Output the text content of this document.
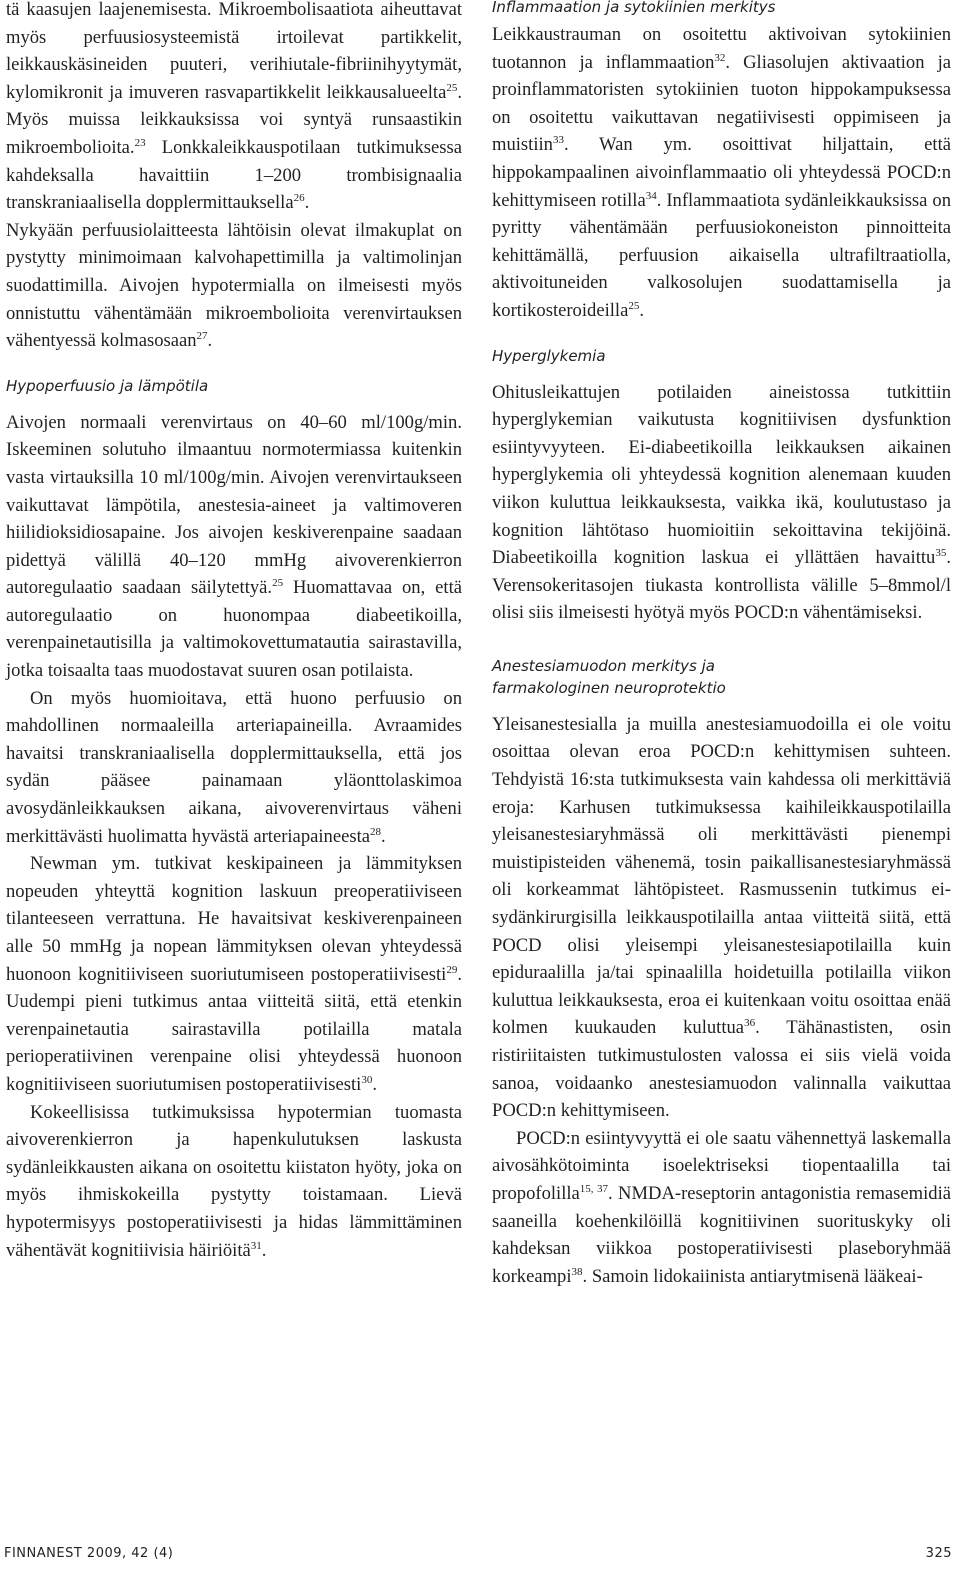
tä kaasujen laajenemisesta. Mikroembolisaatiota aiheuttavat myös perfuusiosysteemistä irtoilevat partikkelit, leikkauskäsineiden puuteri, verihiutale-fibriinihyytymät, kylomikronit ja imuveren rasvapartikkelit leikkausalueelta$^{25}$. Myös muissa leikkauksissa voi syntyä runsaastikin mikroembolioita.$^{23}$ Lonkkaleikkauspotilaan tutkimuksessa kahdeksalla havaittiin 1–200 trombisignaalia transkraniaalisella dopplermittauksella$^{26}$.

Nykyään perfuusiolaitteesta lähtöisin olevat ilmakuplat on pystytty minimoimaan kalvohapettimilla ja valtimolinjan suodattimilla. Aivojen hypotermialla on ilmeisesti myös onnistuttu vähentämään mikroembolioita verenvirtauksen vähentyessä kolmasosaan$^{27}$.

Hypoperfuusio ja lämpötila

Aivojen normaali verenvirtaus on 40–60 ml/100g/min. Iskeeminen solutuho ilmaantuu normotermiassa kuitenkin vasta virtauksilla 10 ml/100g/min. Aivojen verenvirtaukseen vaikuttavat lämpötila, anestesia-aineet ja valtimoveren hiilidioksidiosapaine. Jos aivojen keskiverenpaine saadaan pidettyä välillä 40–120 mmHg aivoverenkierron autoregulaatio saadaan säilytettyä.$^{25}$ Huomattavaa on, että autoregulaatio on huonompaa diabeetikoilla, verenpainetautisilla ja valtimokovettumatautia sairastavilla, jotka toisaalta taas muodostavat suuren osan potilaista.

On myös huomioitava, että huono perfuusio on mahdollinen normaaleilla arteriapaineilla. Avraamides havaitsi transkraniaalisella dopplermittauksella, että jos sydän pääsee painamaan yläonttolaskimoa avosydänleikkauksen aikana, aivoverenvirtaus väheni merkittävästi huolimatta hyvästä arteriapaineesta$^{28}$.

Newman ym. tutkivat keskipaineen ja lämmityksen nopeuden yhteyttä kognition laskuun preoperatiiviseen tilanteeseen verrattuna. He havaitsivat keskiverenpaineen alle 50 mmHg ja nopean lämmityksen olevan yhteydessä huonoon kognitiiviseen suoriutumiseen postoperatiivisesti$^{29}$. Uudempi pieni tutkimus antaa viitteitä siitä, että etenkin verenpainetautia sairastavilla potilailla matala perioperatiivinen verenpaine olisi yhteydessä huonoon kognitiiviseen suoriutumisen postoperatiivisesti$^{30}$.

Kokeellisissa tutkimuksissa hypotermian tuomasta aivoverenkierron ja hapenkulutuksen laskusta sydänleikkausten aikana on osoitettu kiistaton hyöty, joka on myös ihmiskokeilla pystytty toistamaan. Lievä hypotermisyys postoperatiivisesti ja hidas lämmittäminen vähentävät kognitiivisia häiriöitä$^{31}$.

Inflammaation ja sytokiinien merkitys

Leikkaustrauman on osoitettu aktivoivan sytokiinien tuotannon ja inflammaation$^{32}$. Gliasolujen aktivaation ja proinflammatoristen sytokiinien tuoton hippokampuksessa on osoitettu vaikuttavan negatiivisesti oppimiseen ja muistiin$^{33}$. Wan ym. osoittivat hiljattain, että hippokampaalinen aivoinflammaatio oli yhteydessä POCD:n kehittymiseen rotilla$^{34}$. Inflammaatiota sydänleikkauksissa on pyritty vähentämään perfuusiokoneiston pinnoitteita kehittämällä, perfuusion aikaisella ultrafiltraatiolla, aktivoituneiden valkosolujen suodattamisella ja kortikosteroideilla$^{25}$.

Hyperglykemia

Ohitusleikattujen potilaiden aineistossa tutkittiin hyperglykemian vaikutusta kognitiivisen dysfunktion esiintyvyyteen. Ei-diabeetikoilla leikkauksen aikainen hyperglykemia oli yhteydessä kognition alenemaan kuuden viikon kuluttua leikkauksesta, vaikka ikä, koulutustaso ja kognition lähtötaso huomioitiin sekoittavina tekijöinä. Diabeetikoilla kognition laskua ei yllättäen havaittu$^{35}$. Verensokeritasojen tiukasta kontrollista välille 5–8mmol/l olisi siis ilmeisesti hyötyä myös POCD:n vähentämiseksi.

Anestesiamuodon merkitys ja
farmakologinen neuroprotektio

Yleisanestesialla ja muilla anestesiamuodoilla ei ole voitu osoittaa olevan eroa POCD:n kehittymisen suhteen. Tehdyistä 16:sta tutkimuksesta vain kahdessa oli merkittäviä eroja: Karhusen tutkimuksessa kaihileikkauspotilailla yleisanestesiaryhmässä oli merkittävästi pienempi muistipisteiden vähenemä, tosin paikallisanestesiaryhmässä oli korkeammat lähtöpisteet. Rasmussenin tutkimus ei-sydänkirurgisilla leikkauspotilailla antaa viitteitä siitä, että POCD olisi yleisempi yleisanestesiapotilailla kuin epiduraalilla ja/tai spinaalilla hoidetuilla potilailla viikon kuluttua leikkauksesta, eroa ei kuitenkaan voitu osoittaa enää kolmen kuukauden kuluttua$^{36}$. Tähänastisten, osin ristiriitaisten tutkimustulosten valossa ei siis vielä voida sanoa, voidaanko anestesiamuodon valinnalla vaikuttaa POCD:n kehittymiseen.

POCD:n esiintyvyyttä ei ole saatu vähennettyä laskemalla aivosähkötoiminta isoelektriseksi tiopentaalilla tai propofolilla$^{15, 37}$. NMDA-reseptorin antagonistia remasemidiä saaneilla koehenkilöillä kognitiivinen suorituskyky oli kahdeksan viikkoa postoperatiivisesti plaseboryhmää korkeampi$^{38}$. Samoin lidokaiinista antiarytmisenä lääkeai-

FINNANEST 2009, 42 (4)	325
